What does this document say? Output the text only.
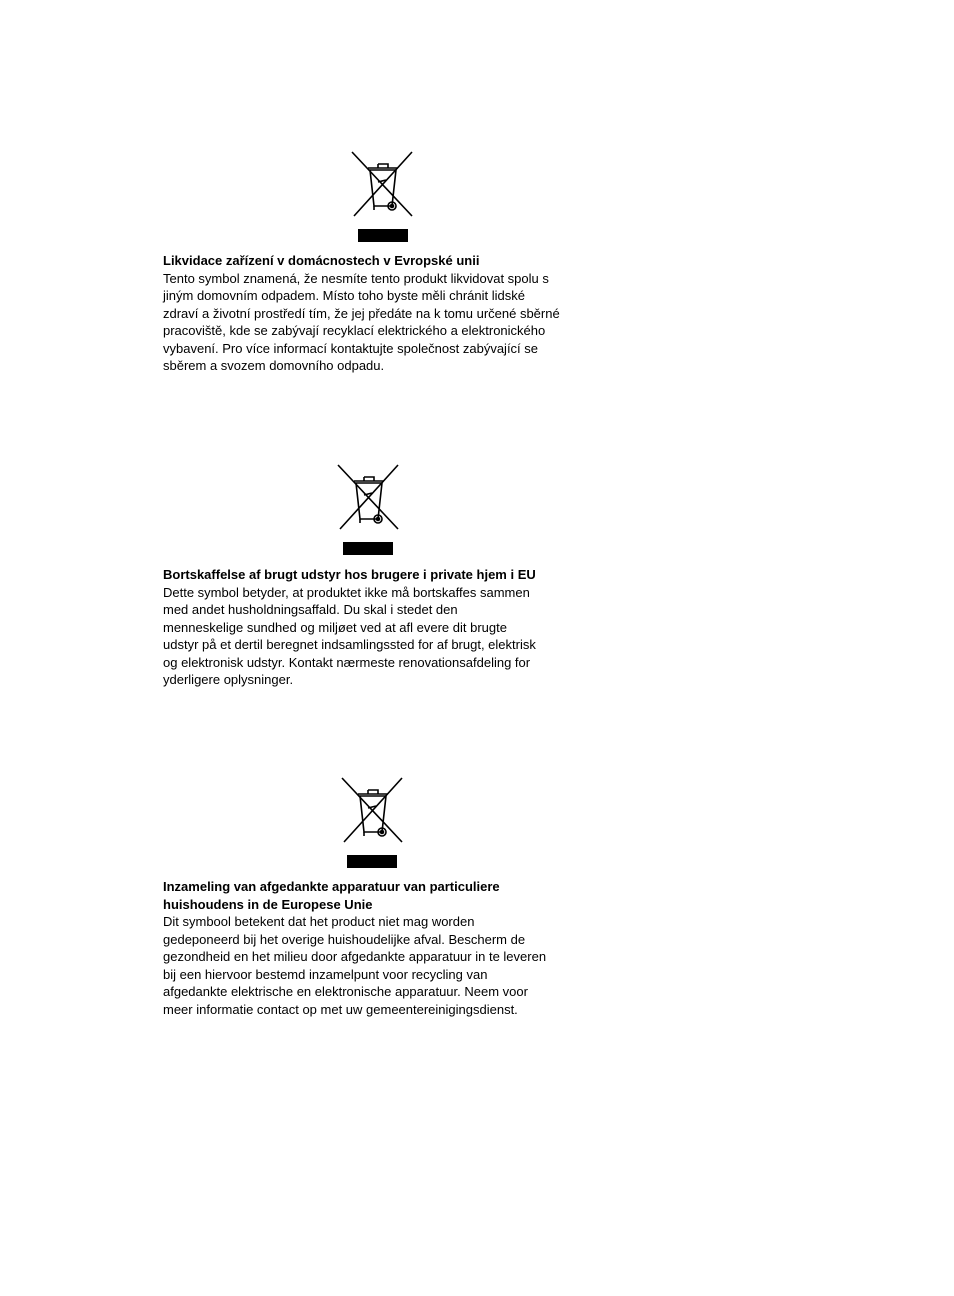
Likvidace zařízení v domácnostech v Evropské unii

Tento symbol znamená, že nesmíte tento produkt likvidovat spolu s
jiným domovním odpadem. Místo toho byste měli chránit lidské
zdraví a životní prostředí tím, že jej předáte na k tomu určené sběrné
pracoviště, kde se zabývají recyklací elektrického a elektronického
vybavení. Pro více informací kontaktujte společnost zabývající se
sběrem a svozem domovního odpadu.

Bortskaffelse af brugt udstyr hos brugere i private hjem i EU

Dette symbol betyder, at produktet ikke må bortskaffes sammen
med andet husholdningsaffald. Du skal i stedet den
menneskelige sundhed og miljøet ved at afl evere dit brugte
udstyr på et dertil beregnet indsamlingssted for af brugt, elektrisk
og elektronisk udstyr. Kontakt nærmeste renovationsafdeling for
yderligere oplysninger.
Inzameling van afgedankte apparatuur van particuliere
huishoudens in de Europese Unie
Dit symbool betekent dat het product niet mag worden
gedeponeerd bij het overige huishoudelijke afval. Bescherm de
gezondheid en het milieu door afgedankte apparatuur in te leveren
bij een hiervoor bestemd inzamelpunt voor recycling van
afgedankte elektrische en elektronische apparatuur. Neem voor
meer informatie contact op met uw gemeentereinigingsdienst.
